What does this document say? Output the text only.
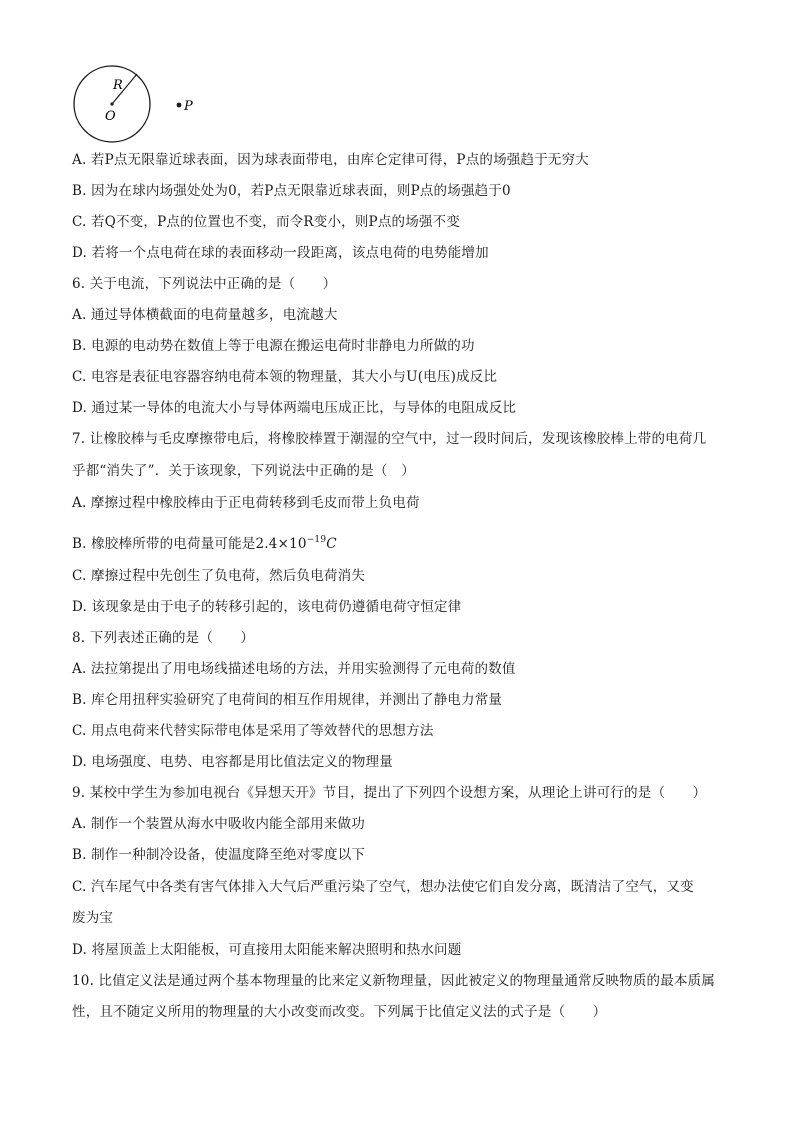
R
O
P
A. 若P点无限靠近球表面，因为球表面带电，由库仑定律可得，P点的场强趋于无穷大
B. 因为在球内场强处处为0，若P点无限靠近球表面，则P点的场强趋于0
C. 若Q不变，P点的位置也不变，而令R变小，则P点的场强不变
D. 若将一个点电荷在球的表面移动一段距离，该点电荷的电势能增加
6. 关于电流，下列说法中正确的是（　　）
A. 通过导体横截面的电荷量越多，电流越大
B. 电源的电动势在数值上等于电源在搬运电荷时非静电力所做的功
C. 电容是表征电容器容纳电荷本领的物理量，其大小与U(电压)成反比
D. 通过某一导体的电流大小与导体两端电压成正比，与导体的电阻成反比
7. 让橡胶棒与毛皮摩擦带电后，将橡胶棒置于潮湿的空气中，过一段时间后，发现该橡胶棒上带的电荷几
乎都“消失了”．关于该现象，下列说法中正确的是（　）
A. 摩擦过程中橡胶棒由于正电荷转移到毛皮而带上负电荷
B. 橡胶棒所带的电荷量可能是$2.4\times 10^{-19}C$
C. 摩擦过程中先创生了负电荷，然后负电荷消失
D. 该现象是由于电子的转移引起的，该电荷仍遵循电荷守恒定律
8. 下列表述正确的是（　　）
A. 法拉第提出了用电场线描述电场的方法，并用实验测得了元电荷的数值
B. 库仑用扭秤实验研究了电荷间的相互作用规律，并测出了静电力常量
C. 用点电荷来代替实际带电体是采用了等效替代的思想方法
D. 电场强度、电势、电容都是用比值法定义的物理量
9. 某校中学生为参加电视台《异想天开》节目，提出了下列四个设想方案，从理论上讲可行的是（　　）
A. 制作一个装置从海水中吸收内能全部用来做功
B. 制作一种制冷设备，使温度降至绝对零度以下
C. 汽车尾气中各类有害气体排入大气后严重污染了空气，想办法使它们自发分离，既清洁了空气，又变
废为宝
D. 将屋顶盖上太阳能板，可直接用太阳能来解决照明和热水问题
10. 比值定义法是通过两个基本物理量的比来定义新物理量，因此被定义的物理量通常反映物质的最本质属
性，且不随定义所用的物理量的大小改变而改变。下列属于比值定义法的式子是（　　）
